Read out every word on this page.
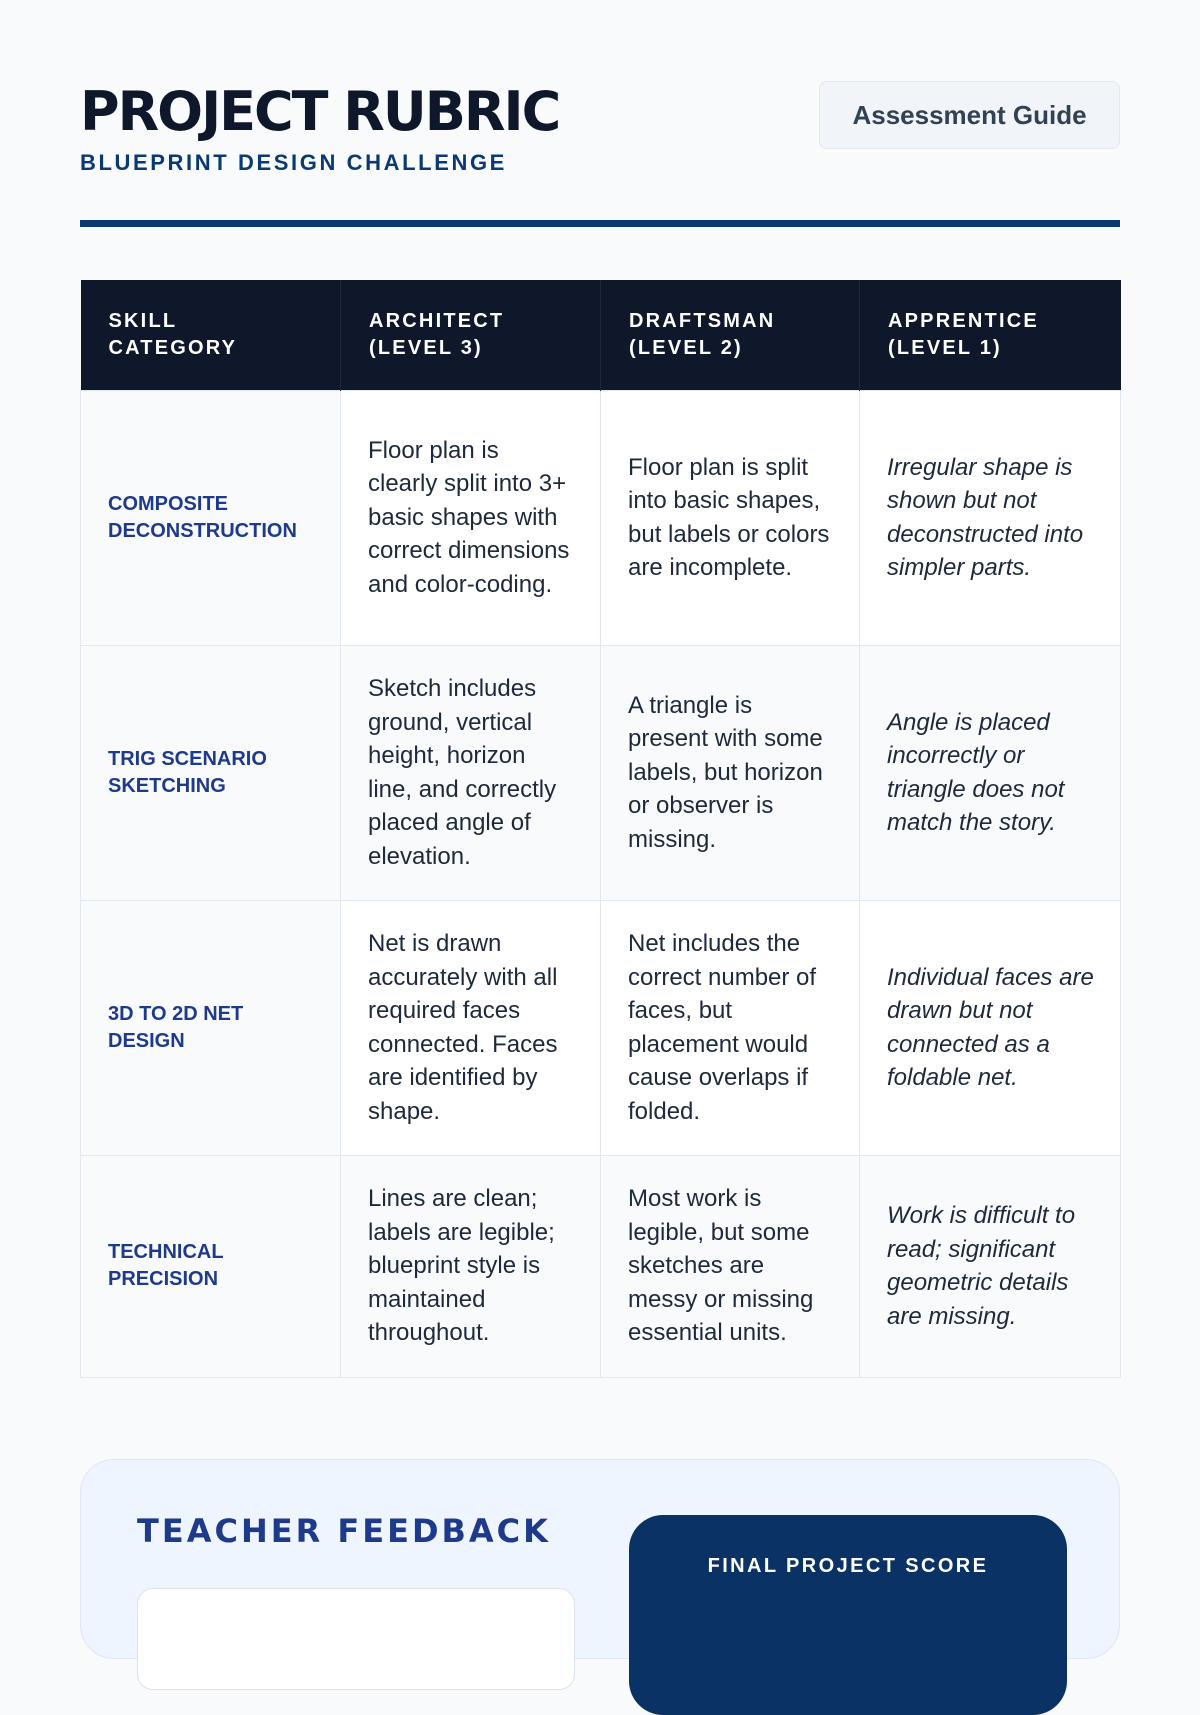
PROJECT RUBRIC
BLUEPRINT DESIGN CHALLENGE
Assessment Guide
SKILL CATEGORY	ARCHITECT (LEVEL 3)	DRAFTSMAN (LEVEL 2)	APPRENTICE (LEVEL 1)

COMPOSITE DECONSTRUCTION	Floor plan is clearly split into 3+ basic shapes with correct dimensions and color-coding.	Floor plan is split into basic shapes, but labels or colors are incomplete.	Irregular shape is shown but not deconstructed into simpler parts.

TRIG SCENARIO SKETCHING	Sketch includes ground, vertical height, horizon line, and correctly placed angle of elevation.	A triangle is present with some labels, but horizon or observer is missing.	Angle is placed incorrectly or triangle does not match the story.

3D TO 2D NET DESIGN	Net is drawn accurately with all required faces connected. Faces are identified by shape.	Net includes the correct number of faces, but placement would cause overlaps if folded.	Individual faces are drawn but not connected as a foldable net.

TECHNICAL PRECISION	Lines are clean; labels are legible; blueprint style is maintained throughout.	Most work is legible, but some sketches are messy or missing essential units.	Work is difficult to read; significant geometric details are missing.
TEACHER FEEDBACK
FINAL PROJECT SCORE
